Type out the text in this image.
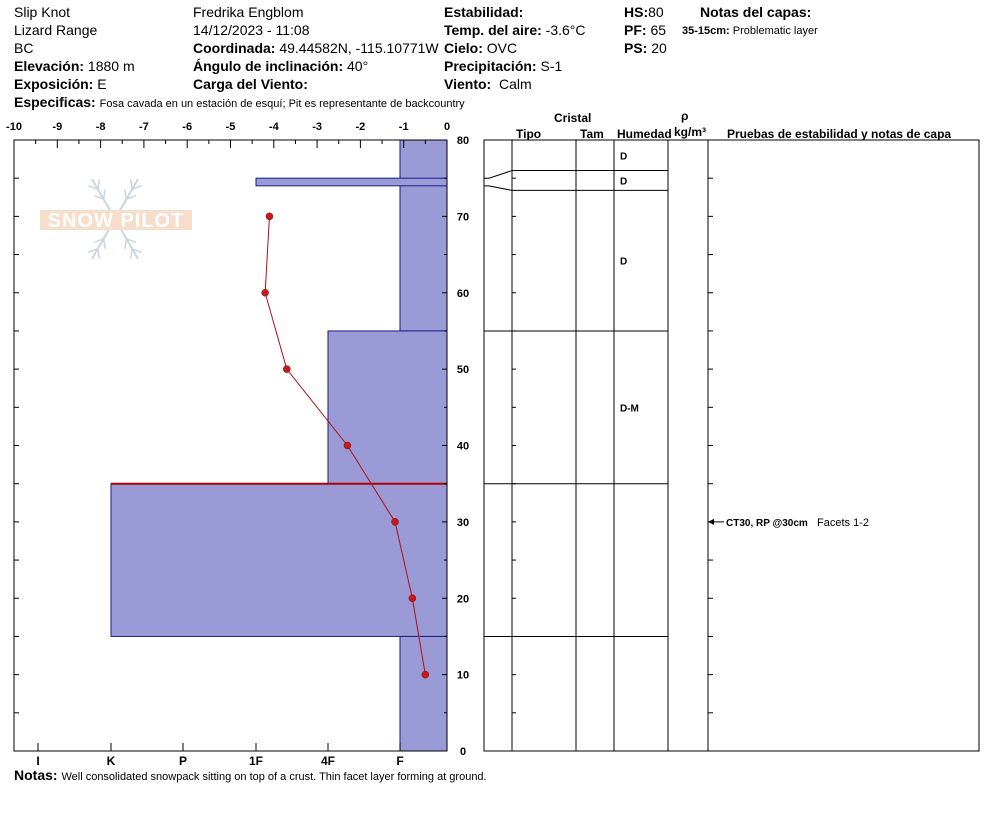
Slip Knot
Lizard Range
BC
Elevación: 1880 m
Exposición: E
Fredrika Engblom
14/12/2023 - 11:08
Coordinada: 49.44582N, -115.10771W
Ángulo de inclinación: 40°
Carga del Viento:
Estabilidad:
Temp. del aire: -3.6°C
Cielo: OVC
Precipitación: S-1
Viento: Calm
HS:80
PF: 65
PS: 20
Notas del capas:
35-15cm: Problematic layer
Especificas: Fosa cavada en un estación de esquí; Pit es representante de backcountry
Cristal
Tipo	Tam Humedad
ρ
kg/m³ Pruebas de estabilidad y notas de capa
Notas: Well consolidated snowpack sitting on top of a crust. Thin facet layer forming at ground.
SNOW PILOT
-10	-9	-8	-7	-6	-5	-4	-3	-2	-1	0
I	K	P	1F	4F	F
0
10
20
30
40
50
60
70
80
D
D
D
D-M
CT30, RP @30cm Facets 1-2
